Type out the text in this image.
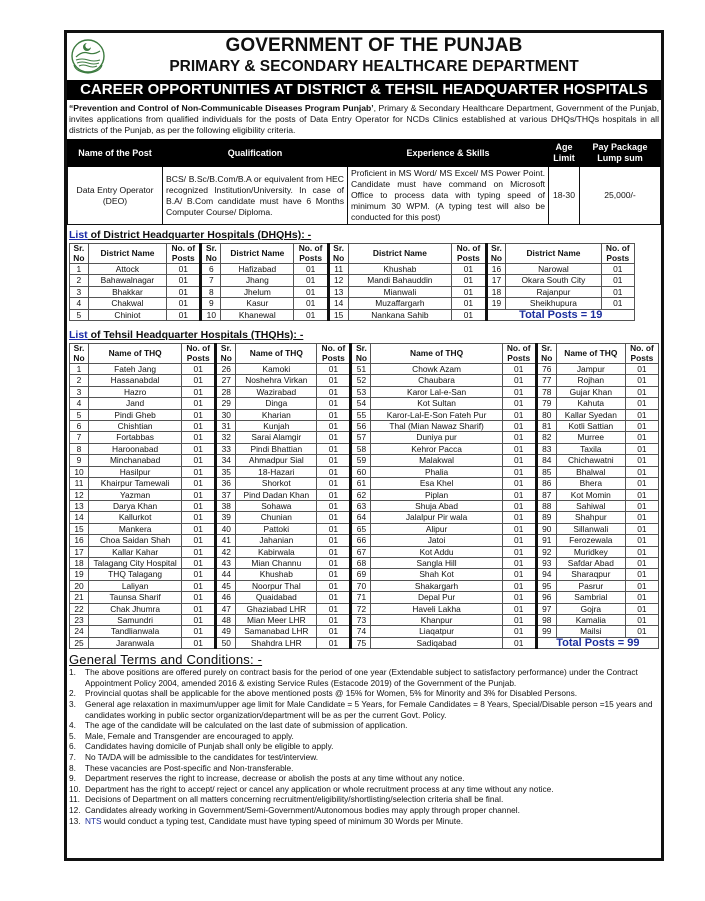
GOVERNMENT OF THE PUNJAB
PRIMARY & SECONDARY HEALTHCARE DEPARTMENT
CAREER OPPORTUNITIES AT DISTRICT & TEHSIL HEADQUARTER HOSPITALS
“Prevention and Control of Non-Communicable Diseases Program Punjab’, Primary & Secondary Healthcare Department, Government of the Punjab, invites applications from qualified individuals for the posts of Data Entry Operator for NCDs Clinics established at various DHQs/THQs hospitals in all districts of the Punjab, as per the following eligibility criteria.
Name of the Post	Qualification	Experience & Skills	Age Limit	Pay Package Lump sum
Data Entry Operator (DEO)	BCS/ B.Sc/B.Com/B.A or equivalent from HEC recognized Institution/University. In case of B.A/ B.Com candidate must have 6 Months Computer Course/ Diploma.	Proficient in MS Word/ MS Excel/ MS Power Point. Candidate must have command on Microsoft Office to process data with typing speed of minimum 30 WPM. (A typing test will also be conducted for this post)	18-30	25,000/-
List of District Headquarter Hospitals (DHQHs): -
Sr. No	District Name	No. of Posts	Sr. No	District Name	No. of Posts	Sr. No	District Name	No. of Posts	Sr. No	District Name	No. of Posts
1	Attock	01	6	Hafizabad	01	11	Khushab	01	16	Narowal	01
2	Bahawalnagar	01	7	Jhang	01	12	Mandi Bahauddin	01	17	Okara South City	01
3	Bhakkar	01	8	Jhelum	01	13	Mianwali	01	18	Rajanpur	01
4	Chakwal	01	9	Kasur	01	14	Muzaffargarh	01	19	Sheikhupura	01
5	Chiniot	01	10	Khanewal	01	15	Nankana Sahib	01	Total Posts = 19		
List of Tehsil Headquarter Hospitals (THQHs): -
Sr. No	Name of THQ	No. of Posts	Sr. No	Name of THQ	No. of Posts	Sr. No	Name of THQ	No. of Posts	Sr. No	Name of THQ	No. of Posts
1	Fateh Jang	01	26	Kamoki	01	51	Chowk Azam	01	76	Jampur	01
2	Hassanabdal	01	27	Noshehra Virkan	01	52	Chaubara	01	77	Rojhan	01
3	Hazro	01	28	Wazirabad	01	53	Karor Lal-e-San	01	78	Gujar Khan	01
4	Jand	01	29	Dinga	01	54	Kot Sultan	01	79	Kahuta	01
5	Pindi Gheb	01	30	Kharian	01	55	Karor-Lal-E-Son Fateh Pur	01	80	Kallar Syedan	01
6	Chishtian	01	31	Kunjah	01	56	Thal (Mian Nawaz Sharif)	01	81	Kotli Sattian	01
7	Fortabbas	01	32	Sarai Alamgir	01	57	Duniya pur	01	82	Murree	01
8	Haroonabad	01	33	Pindi Bhattian	01	58	Kehror Pacca	01	83	Taxila	01
9	Minchanabad	01	34	Ahmadpur Sial	01	59	Malakwal	01	84	Chichawatni	01
10	Hasilpur	01	35	18-Hazari	01	60	Phalia	01	85	Bhalwal	01
11	Khairpur Tamewali	01	36	Shorkot	01	61	Esa Khel	01	86	Bhera	01
12	Yazman	01	37	Pind Dadan Khan	01	62	Piplan	01	87	Kot Momin	01
13	Darya Khan	01	38	Sohawa	01	63	Shuja Abad	01	88	Sahiwal	01
14	Kallurkot	01	39	Chunian	01	64	Jalalpur Pir wala	01	89	Shahpur	01
15	Mankera	01	40	Pattoki	01	65	Alipur	01	90	Sillanwali	01
16	Choa Saidan Shah	01	41	Jahanian	01	66	Jatoi	01	91	Ferozewala	01
17	Kallar Kahar	01	42	Kabirwala	01	67	Kot Addu	01	92	Muridkey	01
18	Talagang City Hospital	01	43	Mian Channu	01	68	Sangla Hill	01	93	Safdar Abad	01
19	THQ Talagang	01	44	Khushab	01	69	Shah Kot	01	94	Sharaqpur	01
20	Laliyan	01	45	Noorpur Thal	01	70	Shakargarh	01	95	Pasrur	01
21	Taunsa Sharif	01	46	Quaidabad	01	71	Depal Pur	01	96	Sambrial	01
22	Chak Jhumra	01	47	Ghaziabad LHR	01	72	Haveli Lakha	01	97	Gojra	01
23	Samundri	01	48	Mian Meer LHR	01	73	Khanpur	01	98	Kamalia	01
24	Tandlianwala	01	49	Samanabad LHR	01	74	Liaqatpur	01	99	Mailsi	01
25	Jaranwala	01	50	Shahdra LHR	01	75	Sadiqabad	01	Total Posts = 99		
General Terms and Conditions: -
1.	The above positions are offered purely on contract basis for the period of one year (Extendable subject to satisfactory performance) under the Contract Appointment Policy 2004, amended 2016 & existing Service Rules (Estacode 2019) of the Government of the Punjab.
2.	Provincial quotas shall be applicable for the above mentioned posts @ 15% for Women, 5% for Minority and 3% for Disabled Persons.
3.	General age relaxation in maximum/upper age limit for Male Candidate = 5 Years, for Female Candidates = 8 Years, Special/Disable person =15 years and candidates working in public sector organization/department will be as per the current Govt. Policy.
4.	The age of the candidate will be calculated on the last date of submission of application.
5.	Male, Female and Transgender are encouraged to apply.
6.	Candidates having domicile of Punjab shall only be eligible to apply.
7.	No TA/DA will be admissible to the candidates for test/interview.
8.	These vacancies are Post-specific and Non-transferable.
9.	Department reserves the right to increase, decrease or abolish the posts at any time without any notice.
10. Department has the right to accept/ reject or cancel any application or whole recruitment process at any time without any notice.
11. Decisions of Department on all matters concerning recruitment/eligibility/shortlisting/selection criteria shall be final.
12. Candidates already working in Government/Semi-Government/Autonomous bodies may apply through proper channel.
13. NTS would conduct a typing test, Candidate must have typing speed of minimum 30 Words per Minute.
